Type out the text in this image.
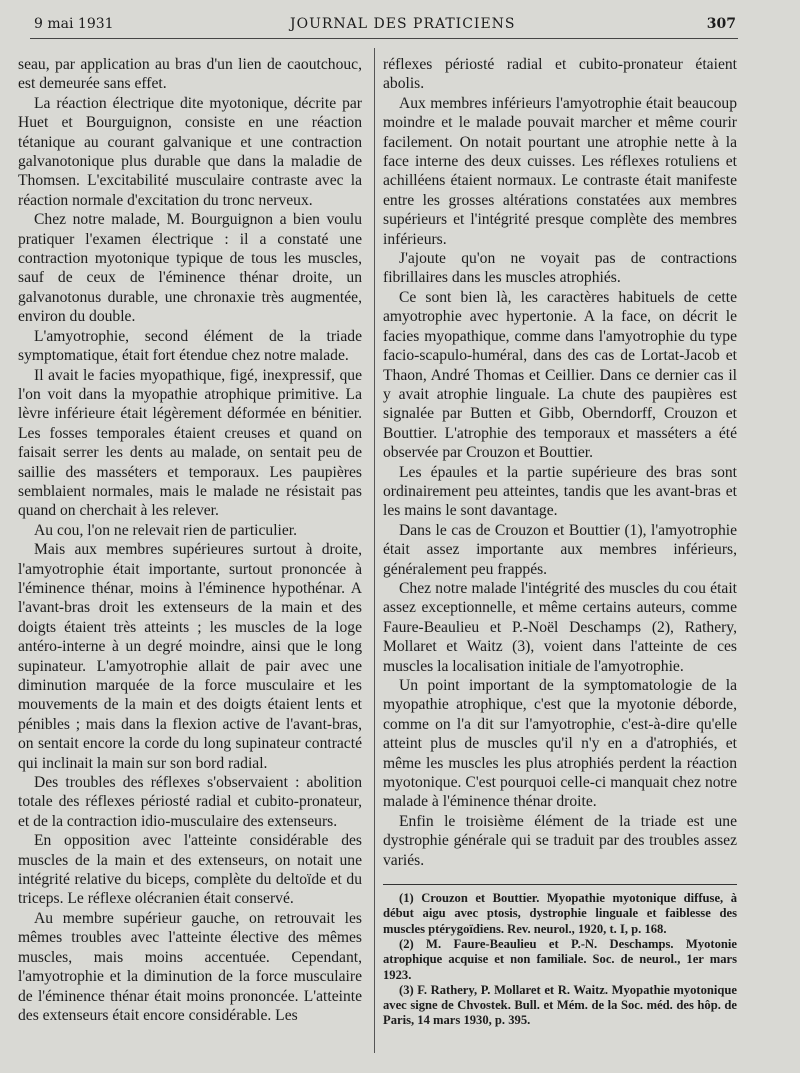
9 mai 1931	JOURNAL DES PRATICIENS	307

seau, par application au bras d'un lien de caoutchouc, est demeurée sans effet.

La réaction électrique dite myotonique, décrite par Huet et Bourguignon, consiste en une réaction tétanique au courant galvanique et une contraction galvanotonique plus durable que dans la maladie de Thomsen. L'excitabilité musculaire contraste avec la réaction normale d'excitation du tronc nerveux.

Chez notre malade, M. Bourguignon a bien voulu pratiquer l'examen électrique : il a constaté une contraction myotonique typique de tous les muscles, sauf de ceux de l'éminence thénar droite, un galvanotonus durable, une chronaxie très augmentée, environ du double.

L'amyotrophie, second élément de la triade symptomatique, était fort étendue chez notre malade.

Il avait le facies myopathique, figé, inexpressif, que l'on voit dans la myopathie atrophique primitive. La lèvre inférieure était légèrement déformée en bénitier. Les fosses temporales étaient creuses et quand on faisait serrer les dents au malade, on sentait peu de saillie des masséters et temporaux. Les paupières semblaient normales, mais le malade ne résistait pas quand on cherchait à les relever.

Au cou, l'on ne relevait rien de particulier.

Mais aux membres supérieures surtout à droite, l'amyotrophie était importante, surtout prononcée à l'éminence thénar, moins à l'éminence hypothénar. A l'avant-bras droit les extenseurs de la main et des doigts étaient très atteints ; les muscles de la loge antéro-interne à un degré moindre, ainsi que le long supinateur. L'amyotrophie allait de pair avec une diminution marquée de la force musculaire et les mouvements de la main et des doigts étaient lents et pénibles ; mais dans la flexion active de l'avant-bras, on sentait encore la corde du long supinateur contracté qui inclinait la main sur son bord radial.

Des troubles des réflexes s'observaient : abolition totale des réflexes périosté radial et cubito-pronateur, et de la contraction idio-musculaire des extenseurs.

En opposition avec l'atteinte considérable des muscles de la main et des extenseurs, on notait une intégrité relative du biceps, complète du deltoïde et du triceps. Le réflexe olécranien était conservé.

Au membre supérieur gauche, on retrouvait les mêmes troubles avec l'atteinte élective des mêmes muscles, mais moins accentuée. Cependant, l'amyotrophie et la diminution de la force musculaire de l'éminence thénar était moins prononcée. L'atteinte des extenseurs était encore considérable. Les

réflexes périosté radial et cubito-pronateur étaient abolis.

Aux membres inférieurs l'amyotrophie était beaucoup moindre et le malade pouvait marcher et même courir facilement. On notait pourtant une atrophie nette à la face interne des deux cuisses. Les réflexes rotuliens et achilléens étaient normaux. Le contraste était manifeste entre les grosses altérations constatées aux membres supérieurs et l'intégrité presque complète des membres inférieurs.

J'ajoute qu'on ne voyait pas de contractions fibrillaires dans les muscles atrophiés.

Ce sont bien là, les caractères habituels de cette amyotrophie avec hypertonie. A la face, on décrit le facies myopathique, comme dans l'amyotrophie du type facio-scapulo-huméral, dans des cas de Lortat-Jacob et Thaon, André Thomas et Ceillier. Dans ce dernier cas il y avait atrophie linguale. La chute des paupières est signalée par Butten et Gibb, Oberndorff, Crouzon et Bouttier. L'atrophie des temporaux et masséters a été observée par Crouzon et Bouttier.

Les épaules et la partie supérieure des bras sont ordinairement peu atteintes, tandis que les avant-bras et les mains le sont davantage.

Dans le cas de Crouzon et Bouttier (1), l'amyotrophie était assez importante aux membres inférieurs, généralement peu frappés.

Chez notre malade l'intégrité des muscles du cou était assez exceptionnelle, et même certains auteurs, comme Faure-Beaulieu et P.-Noël Deschamps (2), Rathery, Mollaret et Waitz (3), voient dans l'atteinte de ces muscles la localisation initiale de l'amyotrophie.

Un point important de la symptomatologie de la myopathie atrophique, c'est que la myotonie déborde, comme on l'a dit sur l'amyotrophie, c'est-à-dire qu'elle atteint plus de muscles qu'il n'y en a d'atrophiés, et même les muscles les plus atrophiés perdent la réaction myotonique. C'est pourquoi celle-ci manquait chez notre malade à l'éminence thénar droite.

Enfin le troisième élément de la triade est une dystrophie générale qui se traduit par des troubles assez variés.

(1) Crouzon et Bouttier. Myopathie myotonique diffuse, à début aigu avec ptosis, dystrophie linguale et faiblesse des muscles ptérygoïdiens. Rev. neurol., 1920, t. I, p. 168.

(2) M. Faure-Beaulieu et P.-N. Deschamps. Myotonie atrophique acquise et non familiale. Soc. de neurol., 1er mars 1923.

(3) F. Rathery, P. Mollaret et R. Waitz. Myopathie myotonique avec signe de Chvostek. Bull. et Mém. de la Soc. méd. des hôp. de Paris, 14 mars 1930, p. 395.
